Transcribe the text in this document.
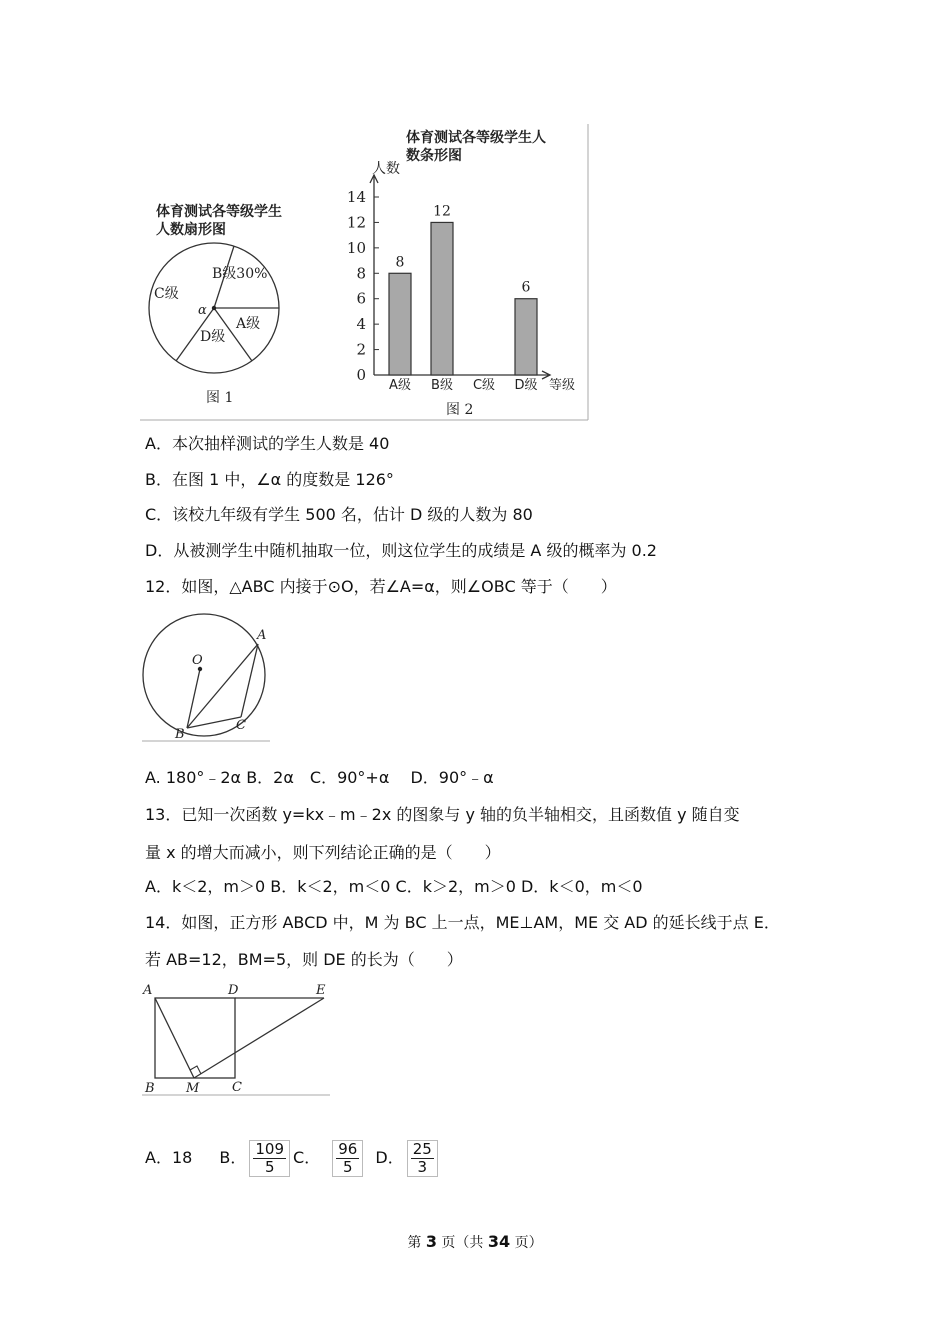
体育测试各等级学生
人数扇形图
B级30%
C级
α
A级
D级
图 1
体育测试各等级学生人
数条形图
人数
等级
0
2
4
6
8
10
12
14
8
A级
12
B级 C级
6
D级
图 2
A．本次抽样测试的学生人数是 40
B．在图 1 中，∠α 的度数是 126°
C．该校九年级有学生 500 名，估计 D 级的人数为 80
D．从被测学生中随机抽取一位，则这位学生的成绩是 A 级的概率为 0.2
12．如图，△ABC 内接于⊙O，若∠A=α，则∠OBC 等于（　　）
O
A
B
C
A. 180°﹣2α B．2α　C．90°+α　 D．90°﹣α
13．已知一次函数 y=kx﹣m﹣2x 的图象与 y 轴的负半轴相交，且函数值 y 随自变
量 x 的增大而减小，则下列结论正确的是（　　）
A．k＜2，m＞0 B．k＜2，m＜0 C．k＞2，m＞0 D．k＜0，m＜0
14．如图，正方形 ABCD 中，M 为 BC 上一点，ME⊥AM，ME 交 AD 的延长线于点 E．
若 AB=12，BM=5，则 DE 的长为（　　）
A	D	E
B M	C
A．18 B． $\frac{109}{5}$ C． $\frac{96}{5}$ D． $\frac{25}{3}$
第 3 页（共 34 页）
